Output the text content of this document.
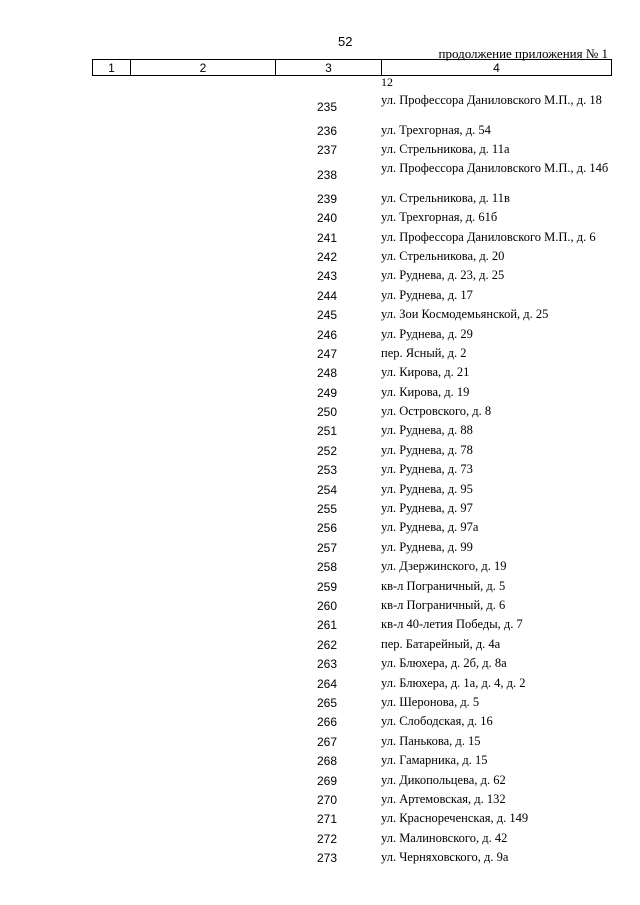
52
продолжение приложения № 1
1	2	3	4
12
235	ул. Профессора Даниловского М.П., д. 18
236	ул. Трехгорная, д. 54
237	ул. Стрельникова, д. 11а
238	ул. Профессора Даниловского М.П., д. 14б
239	ул. Стрельникова, д. 11в
240	ул. Трехгорная, д. 61б
241	ул. Профессора Даниловского М.П., д. 6
242	ул. Стрельникова, д. 20
243	ул. Руднева, д. 23, д. 25
244	ул. Руднева, д. 17
245	ул. Зои Космодемьянской, д. 25
246	ул. Руднева, д. 29
247	пер. Ясный, д. 2
248	ул. Кирова, д. 21
249	ул. Кирова, д. 19
250	ул. Островского, д. 8
251	ул. Руднева, д. 88
252	ул. Руднева, д. 78
253	ул. Руднева, д. 73
254	ул. Руднева, д. 95
255	ул. Руднева, д. 97
256	ул. Руднева, д. 97а
257	ул. Руднева, д. 99
258	ул. Дзержинского, д. 19
259	кв-л Пограничный, д. 5
260	кв-л Пограничный, д. 6
261	кв-л 40-летия Победы, д. 7
262	пер. Батарейный, д. 4а
263	ул. Блюхера, д. 2б, д. 8а
264	ул. Блюхера, д. 1а, д. 4, д. 2
265	ул. Шеронова, д. 5
266	ул. Слободская, д. 16
267	ул. Панькова, д. 15
268	ул. Гамарника, д. 15
269	ул. Дикопольцева, д. 62
270	ул. Артемовская, д. 132
271	ул. Краснореченская, д. 149
272	ул. Малиновского, д. 42
273	ул. Черняховского, д. 9а
